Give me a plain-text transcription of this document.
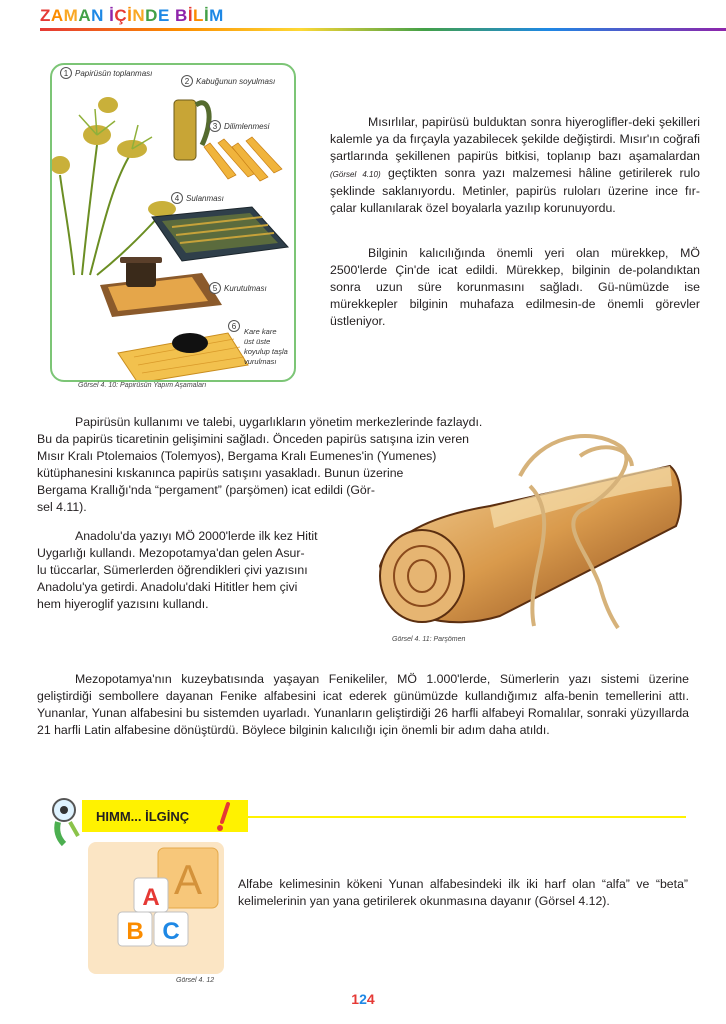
ZAMAN İÇİNDE BİLİM
1 Papirüsün toplanması
2 Kabuğunun soyulması
3 Dilimlenmesi
4 Sulanması
5 Kurutulması
6
Kare kare
üst üste
koyulup taşla
vurulması
Görsel 4. 10: Papirüsün Yapım Aşamaları

Mısırlılar, papirüsü bulduktan sonra hiyeroglifler-deki şekilleri kalemle ya da fırçayla yazabilecek şekilde değiştirdi. Mısır'ın coğrafi şartlarında şekillenen papirüs bitkisi, toplanıp bazı aşamalardan (Görsel 4.10) geçtikten sonra yazı malzemesi hâline getirilerek rulo şeklinde saklanıyordu. Metinler, papirüs ruloları üzerine ince fır-çalar kullanılarak özel boyalarla yazılıp korunuyordu.

Bilginin kalıcılığında önemli yeri olan mürekkep, MÖ 2500'lerde Çin'de icat edildi. Mürekkep, bilginin de-polandıktan sonra uzun süre korunmasını sağladı. Gü-nümüzde ise mürekkepler bilginin muhafaza edilmesin-de önemli görevler üstleniyor.

Görsel 4. 11: Parşömen
Papirüsün kullanımı ve talebi, uygarlıkların yönetim merkezlerinde fazlaydı.
Bu da papirüs ticaretinin gelişimini sağladı. Önceden papirüs satışına izin veren
Mısır Kralı Ptolemaios (Tolemyos), Bergama Kralı Eumenes'in (Yumenes)
kütüphanesini kıskanınca papirüs satışını yasakladı. Bunun üzerine
Bergama Krallığı'nda “pergament” (parşömen) icat edildi (Gör-
sel 4.11).
Anadolu'da yazıyı MÖ 2000'lerde ilk kez Hitit
Uygarlığı kullandı. Mezopotamya'dan gelen Asur-
lu tüccarlar, Sümerlerden öğrendikleri çivi yazısını
Anadolu'ya getirdi. Anadolu'daki Hititler hem çivi
hem hiyeroglif yazısını kullandı.

Mezopotamya'nın kuzeybatısında yaşayan Fenikeliler, MÖ 1.000'lerde, Sümerlerin yazı sistemi üzerine geliştirdiği sembollere dayanan Fenike alfabesini icat ederek günümüzde kullandığımız alfa-benin temellerini attı. Yunanlar, Yunan alfabesini bu sistemden uyarladı. Yunanların geliştirdiği 26 harfli alfabeyi Romalılar, sonraki yüzyıllarda 21 harfli Latin alfabesine dönüştürdü. Böylece bilginin kalıcılığı için önemli bir adım daha atıldı.

HIMM... İLGİNÇ
A
A
B C
Görsel 4. 12

Alfabe kelimesinin kökeni Yunan alfabesindeki ilk iki harf olan “alfa” ve “beta” kelimelerinin yan yana getirilerek okunmasına dayanır (Görsel 4.12).

124
